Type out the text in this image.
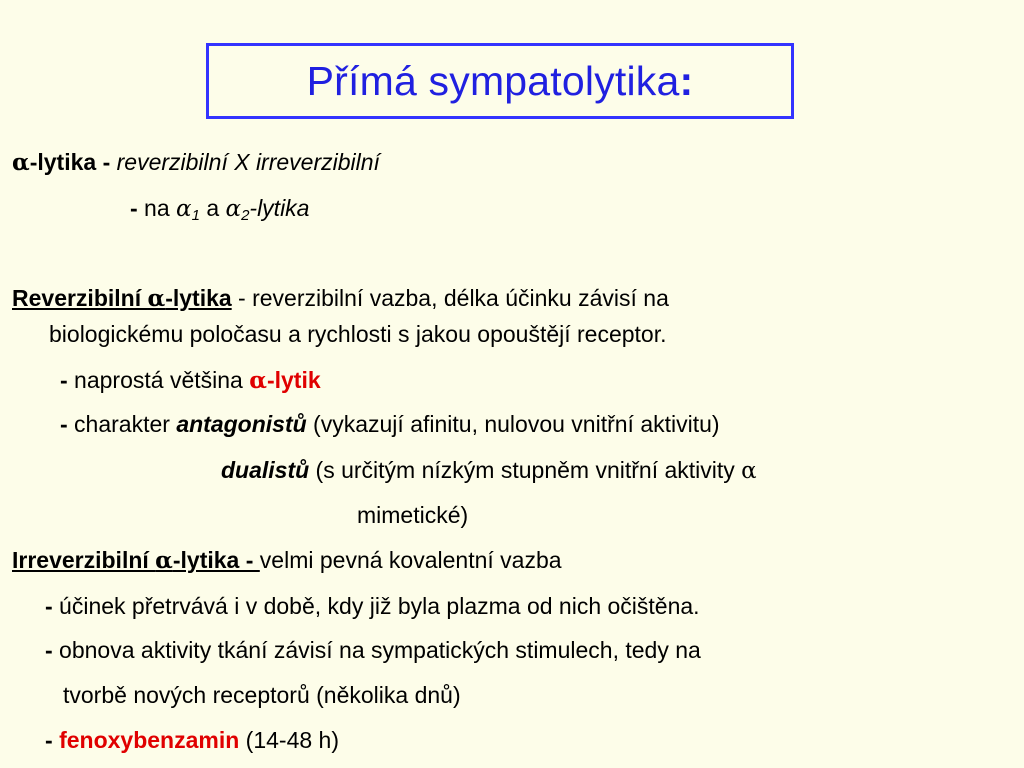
Přímá sympatolytika:
α-lytika - reverzibilní X irreverzibilní
- na $\alpha_1$ a $\alpha_2$-lytika
Reverzibilní α-lytika - reverzibilní vazba, délka účinku závisí na
biologickému poločasu a rychlosti s jakou opouštějí receptor.
- naprostá většina α-lytik
- charakter antagonistů (vykazují afinitu, nulovou vnitřní aktivitu)
dualistů (s určitým nízkým stupněm vnitřní aktivity α
mimetické)
Irreverzibilní α-lytika - velmi pevná kovalentní vazba
- účinek přetrvává i v době, kdy již byla plazma od nich očištěna.
- obnova aktivity tkání závisí na sympatických stimulech, tedy na
tvorbě nových receptorů (několika dnů)
- fenoxybenzamin (14-48 h)
